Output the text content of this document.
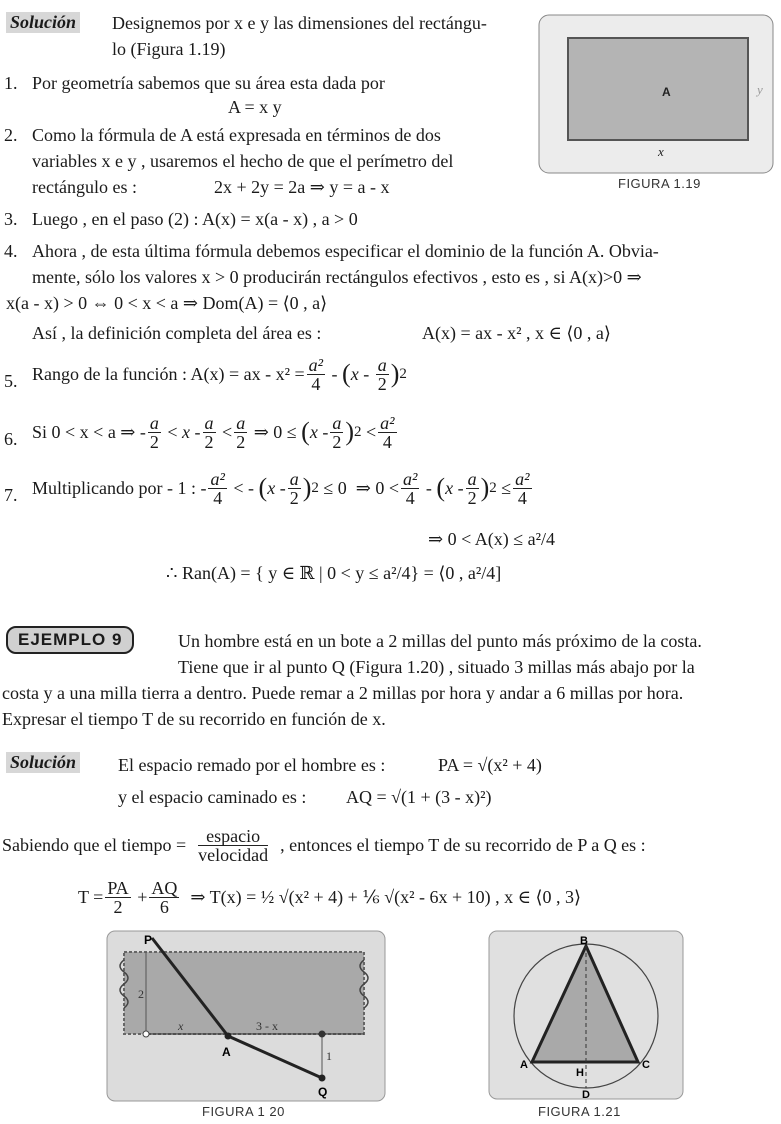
Solución Designemos por x e y las dimensiones del rectángu-
lo (Figura 1.19)
1. Por geometría sabemos que su área esta dada por
A = x y
2. Como la fórmula de A está expresada en términos de dos
variables x e y , usaremos el hecho de que el perímetro del
rectángulo es :	2x + 2y = 2a ⇒ y = a - x
A	y
x
FIGURA 1.19
3. Luego , en el paso (2) : A(x) = x(a - x) , a > 0
4. Ahora , de esta última fórmula debemos especificar el dominio de la función A. Obvia-
mente, sólo los valores x > 0 producirán rectángulos efectivos , esto es , si A(x)>0 ⇒
x(a - x) > 0 ⇔ 0 < x < a ⇒ Dom(A) = ⟨0 , a⟩
Así , la definición completa del área es :	A(x) = ax - x² , x ∈ ⟨0 , a⟩
5. Rango de la función : A(x) = ax - $x^2 = \frac{\text{a²}}{4}$ - ( x - $\frac{a}{2}$ ) 2
6. Si 0 < x < a ⇒ - $\frac{a}{2} < x - \frac{a}{2} < \frac{a}{2}$ ⇒ 0 ≤ ( x - $\frac{a}{2}$ ) $2 < \frac{\text{a²}}{4}$
7. Multiplicando por - 1 : - $\frac{\text{a²}}{4}$ < - ( x - $\frac{a}{2}$ ) 2 ≤ 0  ⇒ $0 < \frac{\text{a²}}{4}$ - ( x - $\frac{a}{2}$ ) $2 \le \frac{\text{a²}}{4}$
⇒ 0 < A(x) ≤ a²/4
∴ Ran(A) = { y ∈ ℝ | 0 < y ≤ a²/4} = ⟨0 , a²/4]
EJEMPLO 9	Un hombre está en un bote a 2 millas del punto más próximo de la costa.
Tiene que ir al punto Q (Figura 1.20) , situado 3 millas más abajo por la
costa y a una milla tierra a dentro. Puede remar a 2 millas por hora y andar a 6 millas por hora.
Expresar el tiempo T de su recorrido en función de x.
Solución El espacio remado por el hombre es :	PA = √(x² + 4)
y el espacio caminado es : AQ = √(1 + (3 - x)²)
Sabiendo que el tiempo = $\frac{\text{espacio}}{\text{velocidad}}$ , entonces el tiempo T de su recorrido de P a Q es :
$T = \frac{PA}{2} + \frac{AQ}{6}$
⇒ T(x) = ½ √(x² + 4) + ⅙ √(x² - 6x + 10) , x ∈ ⟨0 , 3⟩
P
A
Q
x	3 - x
2
1
FIGURA 1 20
B
A	C
H
D
FIGURA 1.21
